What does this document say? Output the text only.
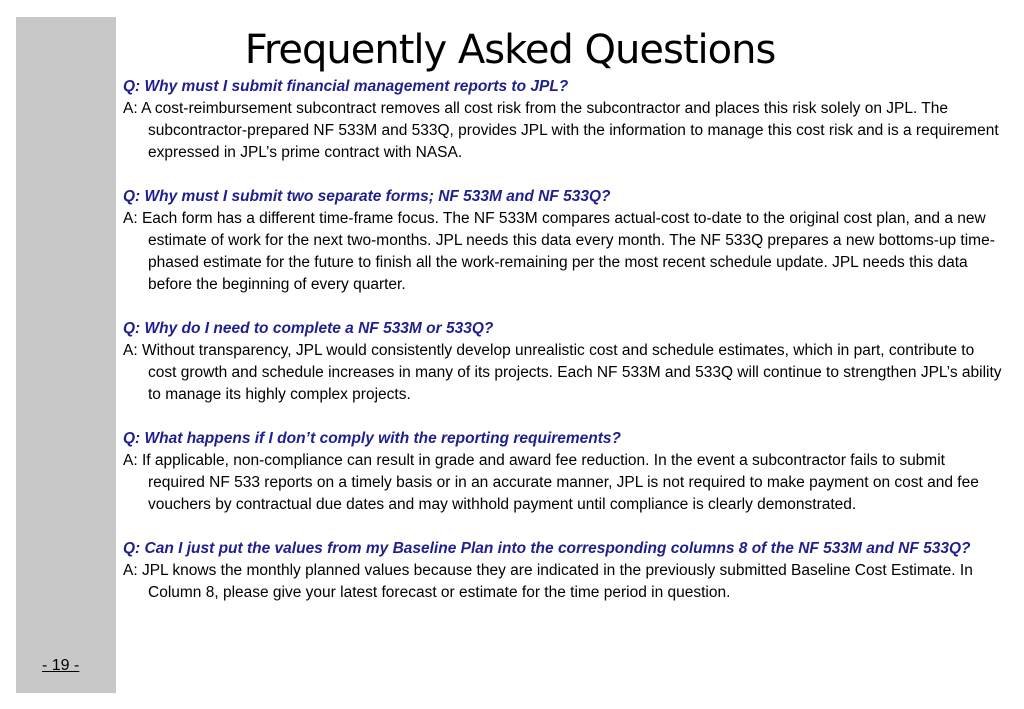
- 19 -
Frequently Asked Questions
Q: Why must I submit financial management reports to JPL?
A: A cost-reimbursement subcontract removes all cost risk from the subcontractor and places this risk solely on JPL. The subcontractor-prepared NF 533M and 533Q, provides JPL with the information to manage this cost risk and is a requirement expressed in JPL’s prime contract with NASA.
Q: Why must I submit two separate forms; NF 533M and NF 533Q?
A: Each form has a different time-frame focus. The NF 533M compares actual-cost to-date to the original cost plan, and a new estimate of work for the next two-months. JPL needs this data every month. The NF 533Q prepares a new bottoms-up time-phased estimate for the future to finish all the work-remaining per the most recent schedule update. JPL needs this data before the beginning of every quarter.
Q: Why do I need to complete a NF 533M or 533Q?
A: Without transparency, JPL would consistently develop unrealistic cost and schedule estimates, which in part, contribute to cost growth and schedule increases in many of its projects. Each NF 533M and 533Q will continue to strengthen JPL’s ability to manage its highly complex projects.
Q: What happens if I don’t comply with the reporting requirements?
A: If applicable, non-compliance can result in grade and award fee reduction. In the event a subcontractor fails to submit required NF 533 reports on a timely basis or in an accurate manner, JPL is not required to make payment on cost and fee vouchers by contractual due dates and may withhold payment until compliance is clearly demonstrated.
Q: Can I just put the values from my Baseline Plan into the corresponding columns 8 of the NF 533M and NF 533Q?
A: JPL knows the monthly planned values because they are indicated in the previously submitted Baseline Cost Estimate. In Column 8, please give your latest forecast or estimate for the time period in question.
